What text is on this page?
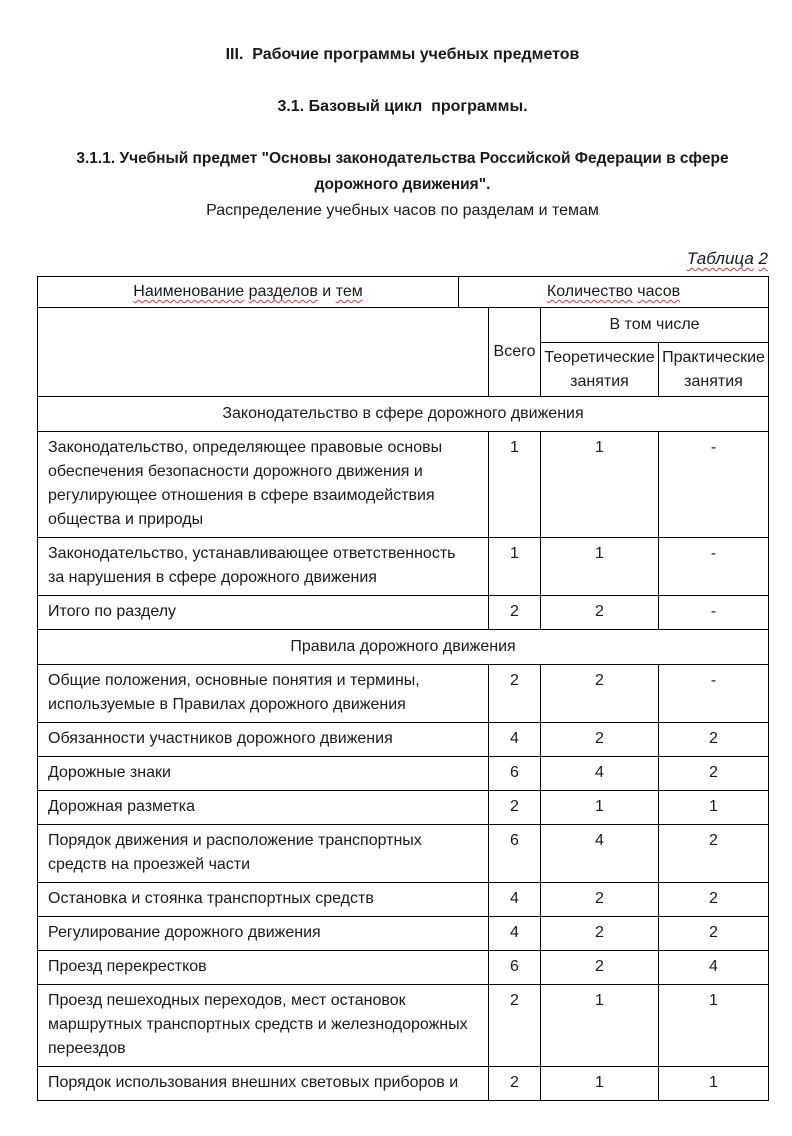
III.  Рабочие программы учебных предметов
3.1. Базовый цикл  программы.
3.1.1. Учебный предмет "Основы законодательства Российской Федерации в сфере дорожного движения".

Распределение учебных часов по разделам и темам

Таблица 2

Наименование разделов и тем	Количество часов			
		Всего	В том числе	
			Теоретические занятия	Практические занятия
Законодательство в сфере дорожного движения				
Законодательство, определяющее правовые основы обеспечения безопасности дорожного движения и регулирующее отношения в сфере взаимодействия общества и природы		1	1	-
Законодательство, устанавливающее ответственность за нарушения в сфере дорожного движения		1	1	-
Итого по разделу		2	2	-
Правила дорожного движения				
Общие положения, основные понятия и термины, используемые в Правилах дорожного движения		2	2	-
Обязанности участников дорожного движения		4	2	2
Дорожные знаки		6	4	2
Дорожная разметка		2	1	1
Порядок движения и расположение транспортных средств на проезжей части		6	4	2
Остановка и стоянка транспортных средств		4	2	2
Регулирование дорожного движения		4	2	2
Проезд перекрестков		6	2	4
Проезд пешеходных переходов, мест остановок маршрутных транспортных средств и железнодорожных переездов		2	1	1
Порядок использования внешних световых приборов и		2	1	1
